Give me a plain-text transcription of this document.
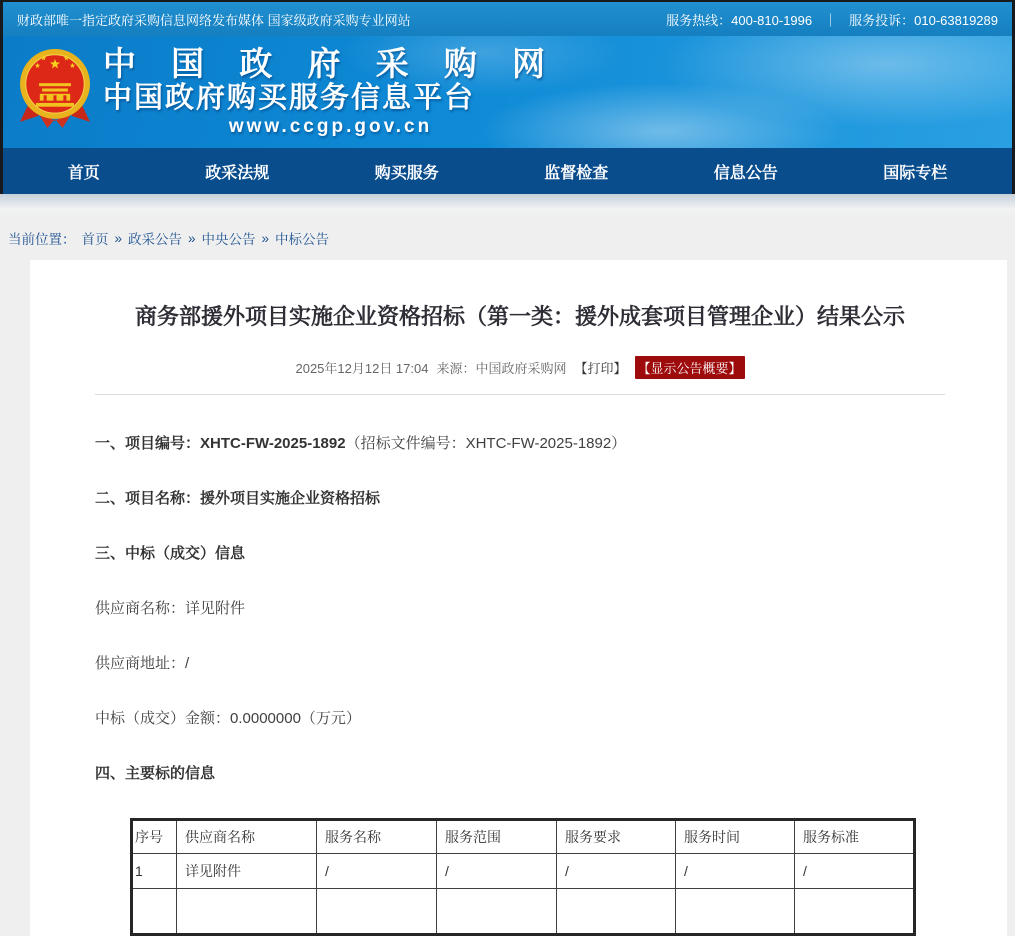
财政部唯一指定政府采购信息网络发布媒体 国家级政府采购专业网站	服务热线：400-810-1996 ｜ 服务投诉：010-63819289
中 国 政 府 采 购 网
中国政府购买服务信息平台
www.ccgp.gov.cn
首页	政采法规	购买服务	监督检查	信息公告	国际专栏
当前位置： 首页 » 政采公告 » 中央公告 » 中标公告
商务部援外项目实施企业资格招标（第一类：援外成套项目管理企业）结果公示
2025年12月12日 17:04 来源：中国政府采购网 【打印】 【显示公告概要】

一、项目编号：XHTC-FW-2025-1892（招标文件编号：XHTC-FW-2025-1892）

二、项目名称：援外项目实施企业资格招标

三、中标（成交）信息

供应商名称：详见附件

供应商地址：/

中标（成交）金额：0.0000000（万元）

四、主要标的信息

序号	供应商名称	服务名称	服务范围	服务要求	服务时间	服务标准
1	详见附件	/	/	/	/	/
